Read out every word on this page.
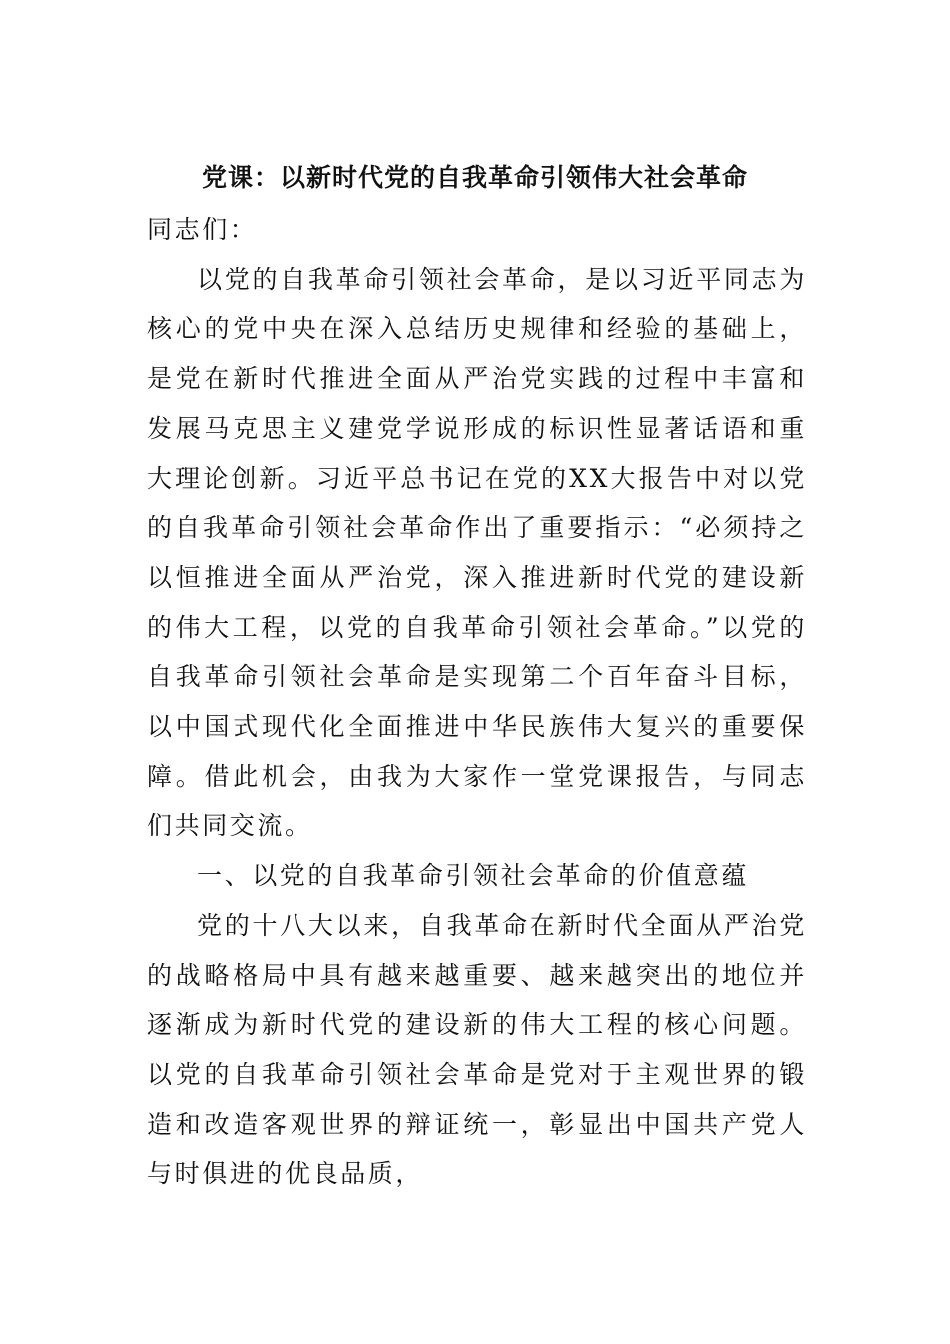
党课：以新时代党的自我革命引领伟大社会革命

同志们：

以党的自我革命引领社会革命，是以习近平同志为核心的党中央在深入总结历史规律和经验的基础上，是党在新时代推进全面从严治党实践的过程中丰富和发展马克思主义建党学说形成的标识性显著话语和重大理论创新。习近平总书记在党的XX大报告中对以党的自我革命引领社会革命作出了重要指示：“必须持之以恒推进全面从严治党，深入推进新时代党的建设新的伟大工程，以党的自我革命引领社会革命。”以党的自我革命引领社会革命是实现第二个百年奋斗目标，以中国式现代化全面推进中华民族伟大复兴的重要保障。借此机会，由我为大家作一堂党课报告，与同志们共同交流。

一、以党的自我革命引领社会革命的价值意蕴

党的十八大以来，自我革命在新时代全面从严治党的战略格局中具有越来越重要、越来越突出的地位并逐渐成为新时代党的建设新的伟大工程的核心问题。以党的自我革命引领社会革命是党对于主观世界的锻造和改造客观世界的辩证统一，彰显出中国共产党人与时俱进的优良品质，
